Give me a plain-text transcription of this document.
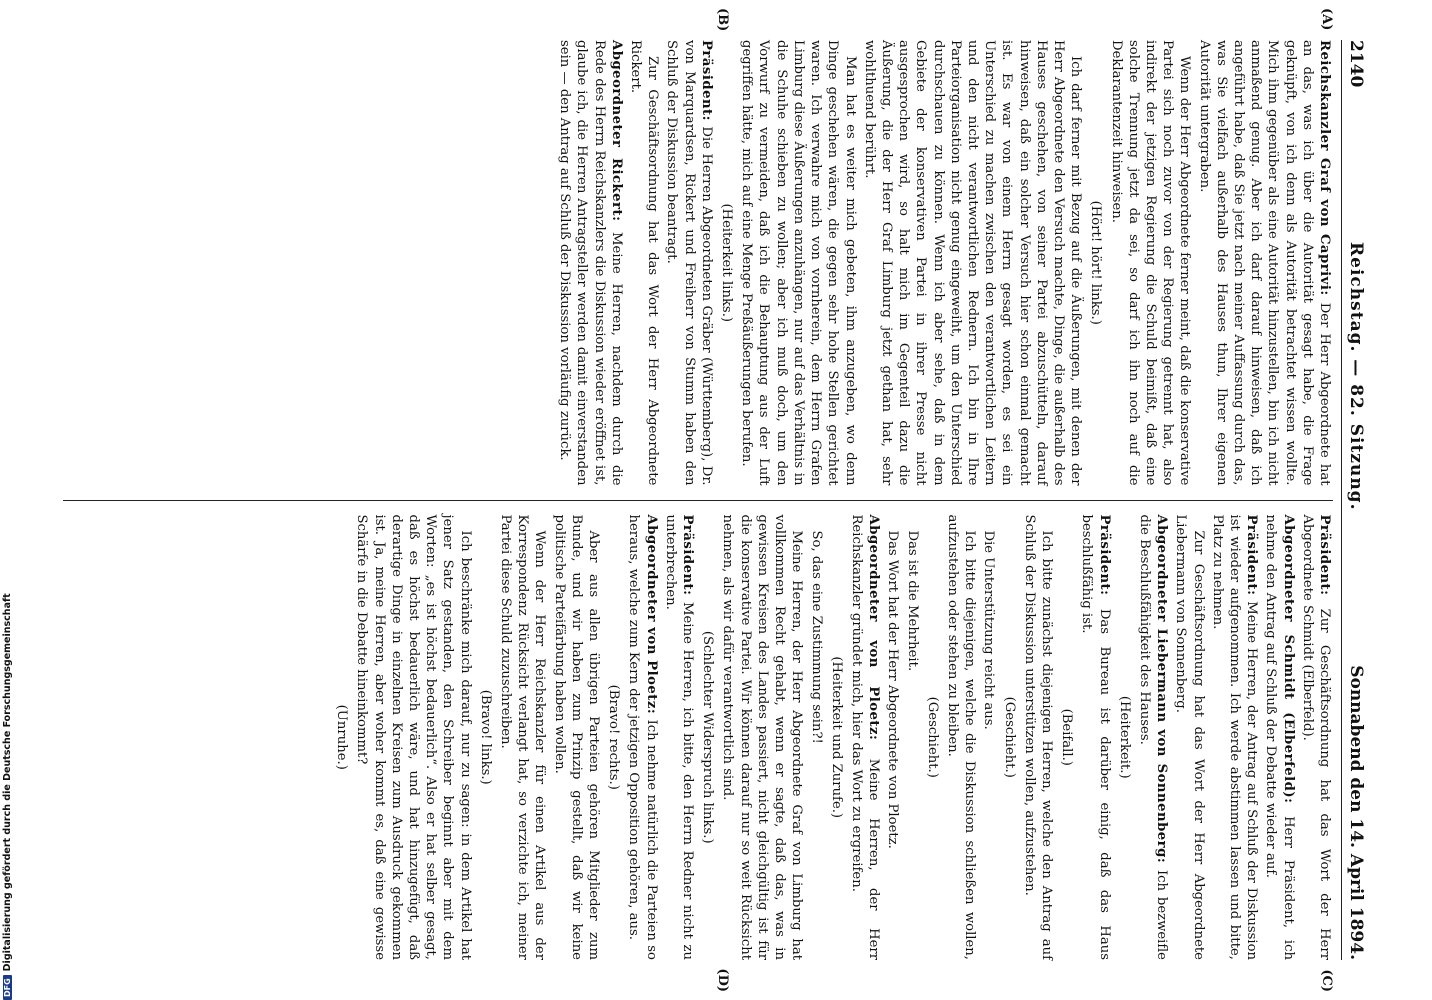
DFGDigitalisierung gefördert durch die Deutsche Forschungsgemeinschaft
2140
Reichstag. — 82. Sitzung.
Sonnabend den 14. April 1894.
(A)
(B)
(C)
(D)

Reichskanzler Graf von Caprivi: Der Herr Abgeordnete hat an das, was ich über die Autorität gesagt habe, die Frage geknüpft, von ich denn als Autorität betrachtet wissen wollte. Mich ihm gegenüber als eine Autorität hinzustellen, bin ich nicht anmaßend genug. Aber ich darf darauf hinweisen, daß ich angeführt habe, daß Sie jetzt nach meiner Auffassung durch das, was Sie vielfach außerhalb des Hauses thun, Ihrer eigenen Autorität untergraben.

Wenn der Herr Abgeordnete ferner meint, daß die konservative Partei sich noch zuvor von der Regierung getrennt hat, also indirekt der jetzigen Regierung die Schuld beimißt, daß eine solche Trennung jetzt da sei, so darf ich ihn noch auf die Deklarantenzeit hinweisen.

(Hört! hört! links.)

Ich darf ferner mit Bezug auf die Äußerungen, mit denen der Herr Abgeordnete den Versuch machte, Dinge, die außerhalb des Hauses geschehen, von seiner Partei abzuschütteln, darauf hinweisen, daß ein solcher Versuch hier schon einmal gemacht ist. Es war von einem Herrn gesagt worden, es sei ein Unterschied zu machen zwischen den verantwortlichen Leitern und den nicht verantwortlichen Rednern. Ich bin in Ihre Parteiorganisation nicht genug eingeweiht, um den Unterschied durchschauen zu können. Wenn ich aber sehe, daß in dem Gebiete der konservativen Partei in ihrer Presse nicht ausgesprochen wird, so halt mich im Gegenteil dazu die Äußerung, die der Herr Graf Limburg jetzt gethan hat, sehr wohlthuend berührt.

Man hat es weiter mich gebeten, ihm anzugeben, wo denn Dinge geschehen wären, die gegen sehr hohe Stellen gerichtet waren. Ich verwahre mich von vornherein, dem Herrn Grafen Limburg diese Äußerungen anzuhängen, nur auf das Verhältnis in die Schuhe schieben zu wollen; aber ich muß doch, um den Vorwurf zu vermeiden, daß ich die Behauptung aus der Luft gegriffen hätte, mich auf eine Menge Preßäußerungen berufen.

(Heiterkeit links.)

Präsident: Die Herren Abgeordneten Gräber (Württemberg), Dr. von Marquardsen, Rickert und Freiherr von Stumm haben den Schluß der Diskussion beantragt.

Zur Geschäftsordnung hat das Wort der Herr Abgeordnete Rickert.

Abgeordneter Rickert: Meine Herren, nachdem durch die Rede des Herrn Reichskanzlers die Diskussion wieder eröffnet ist, glaube ich, die Herren Antragsteller werden damit einverstanden sein — den Antrag auf Schluß der Diskussion vorläufig zurück.

Präsident: Zur Geschäftsordnung hat das Wort der Herr Abgeordnete Schmidt (Elberfeld).

Abgeordneter Schmidt (Elberfeld): Herr Präsident, ich nehme den Antrag auf Schluß der Debatte wieder auf.

Präsident: Meine Herren, der Antrag auf Schluß der Diskussion ist wieder aufgenommen. Ich werde abstimmen lassen und bitte, Platz zu nehmen.

Zur Geschäftsordnung hat das Wort der Herr Abgeordnete Liebermann von Sonnenberg.

Abgeordneter Liebermann von Sonnenberg: Ich bezweifle die Beschlußfähigkeit des Hauses.

(Heiterkeit.)

Präsident: Das Bureau ist darüber einig, daß das Haus beschlußfähig ist.

(Beifall.)

Ich bitte zunächst diejenigen Herren, welche den Antrag auf Schluß der Diskussion unterstützen wollen, aufzustehen.

(Geschieht.)

Die Unterstützung reicht aus.

Ich bitte diejenigen, welche die Diskussion schließen wollen, aufzustehen oder stehen zu bleiben.

(Geschieht.)

Das ist die Mehrheit.

Das Wort hat der Herr Abgeordnete von Ploetz.

Abgeordneter von Ploetz: Meine Herren, der Herr Reichskanzler gründet mich, hier das Wort zu ergreifen.

(Heiterkeit und Zurufe.)

So, das eine Zustimmung sein?!

Meine Herren, der Herr Abgeordnete Graf von Limburg hat vollkommen Recht gehabt, wenn er sagte, daß das, was in gewissen Kreisen des Landes passiert, nicht gleichgültig ist für die konservative Partei. Wir können darauf nur so weit Rücksicht nehmen, als wir dafür verantwortlich sind.

(Schlechter Widerspruch links.)

Präsident: Meine Herren, ich bitte, den Herrn Redner nicht zu unterbrechen.

Abgeordneter von Ploetz: Ich nehme natürlich die Parteien so heraus, welche zum Kern der jetzigen Opposition gehören, aus.

(Bravo! rechts.)

Aber aus allen übrigen Parteien gehören Mitglieder zum Bunde, und wir haben zum Prinzip gestellt, daß wir keine politische Parteifärbung haben wollen.

Wenn der Herr Reichskanzler für einen Artikel aus der Korrespondenz Rücksicht verlangt hat, so verzichte ich, meiner Partei diese Schuld zuzuschreiben.

(Bravo! links.)

Ich beschränke mich darauf, nur zu sagen: in dem Artikel hat jener Satz gestanden, den Schreiber beginnt aber mit dem Worten: „es ist höchst bedauerlich“. Also er hat selber gesagt, daß es höchst bedauerlich wäre, und hat hinzugefügt, daß derartige Dinge in einzelnen Kreisen zum Ausdruck gekommen ist. Ja, meine Herren, aber woher kommt es, daß eine gewisse Schärfe in die Debatte hineinkommt?

(Unruhe.)
